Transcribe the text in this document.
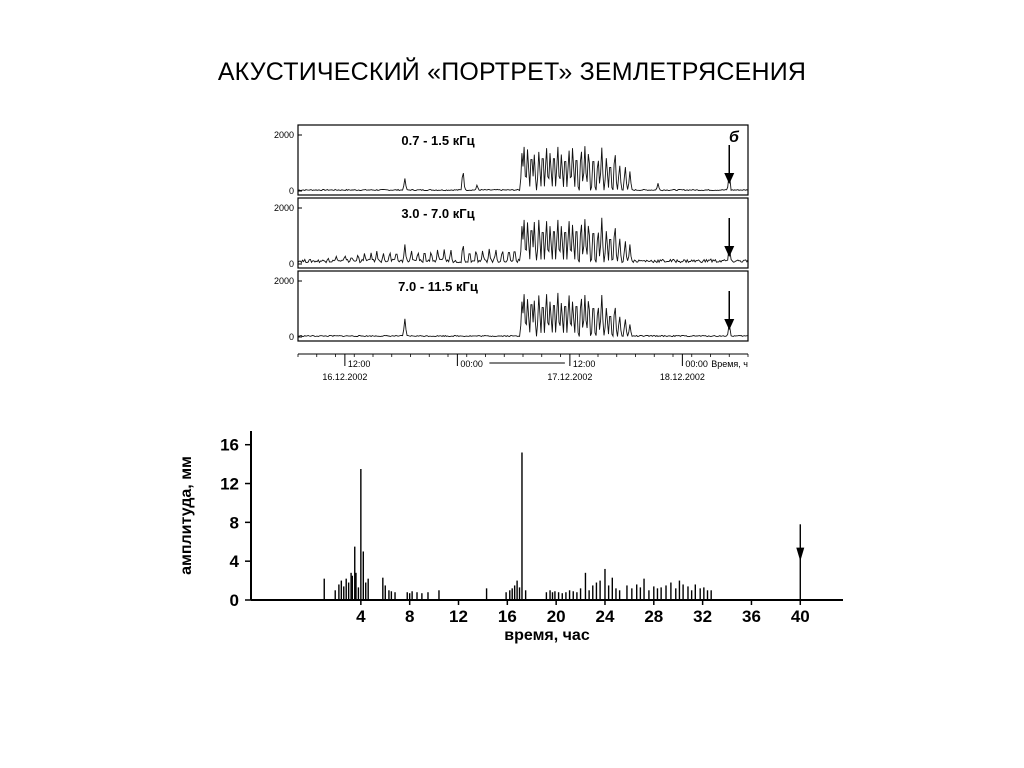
АКУСТИЧЕСКИЙ «ПОРТРЕТ» ЗЕМЛЕТРЯСЕНИЯ
0
2000	0.7 - 1.5 кГц
0
2000	3.0 - 7.0 кГц
0
2000	7.0 - 11.5 кГц
б
12:00
16.12.2002
00:00	12:00
17.12.2002
00:00
18.12.2002
Время, ч
0
4
8
12
16
4 8 12 16 20 24 28 32 36 40
время, час
амплитуда, мм
